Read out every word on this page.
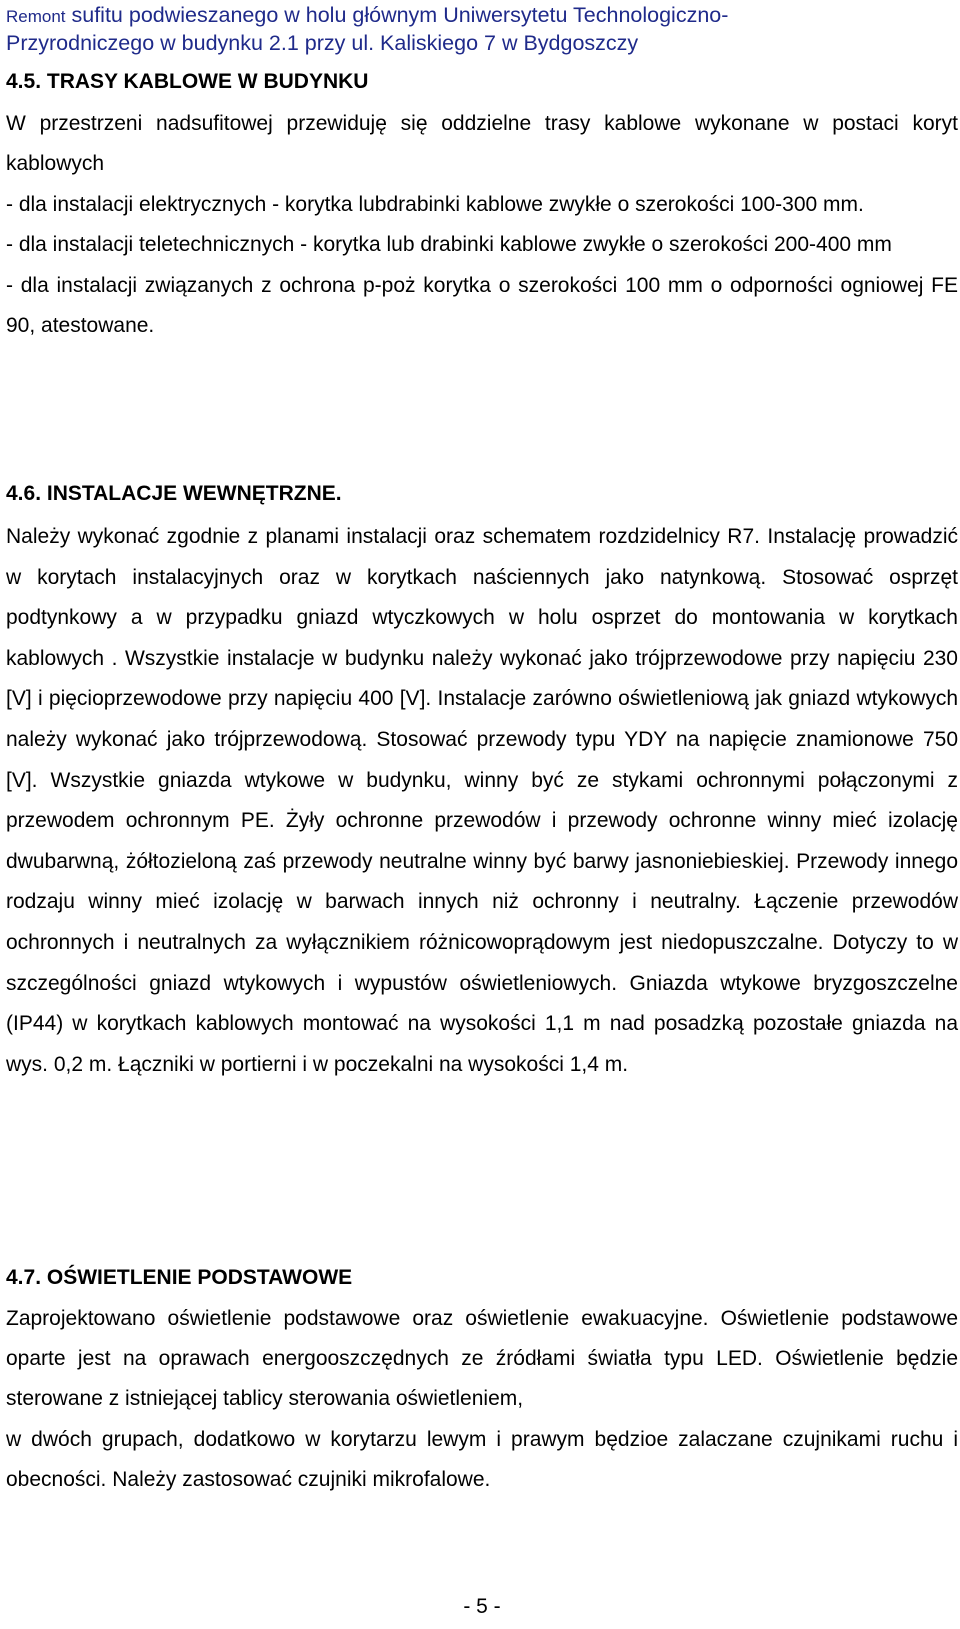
Remont sufitu podwieszanego w holu głównym Uniwersytetu Technologiczno-
Przyrodniczego w budynku 2.1 przy ul. Kaliskiego 7 w Bydgoszczy

4.5. TRASY KABLOWE W BUDYNKU

W przestrzeni nadsufitowej przewiduję się oddzielne trasy kablowe wykonane w postaci koryt kablowych

- dla instalacji elektrycznych - korytka lubdrabinki kablowe zwykłe o szerokości 100-300 mm.

- dla instalacji teletechnicznych - korytka lub drabinki kablowe zwykłe o szerokości 200-400 mm

- dla instalacji związanych z ochrona p-poż korytka o szerokości 100 mm o odporności ogniowej FE 90, atestowane.

4.6. INSTALACJE WEWNĘTRZNE.

Należy wykonać zgodnie z planami instalacji oraz schematem rozdzidelnicy R7. Instalację prowadzić w korytach instalacyjnych oraz w korytkach naściennych jako natynkową. Stosować osprzęt podtynkowy a w przypadku gniazd wtyczkowych w holu osprzet do montowania w korytkach kablowych . Wszystkie instalacje w budynku należy wykonać jako trójprzewodowe przy napięciu 230 [V] i pięcioprzewodowe przy napięciu 400 [V]. Instalacje zarówno oświetleniową jak gniazd wtykowych należy wykonać jako trójprzewodową. Stosować przewody typu YDY na napięcie znamionowe 750 [V]. Wszystkie gniazda wtykowe w budynku, winny być ze stykami ochronnymi połączonymi z przewodem ochronnym PE. Żyły ochronne przewodów i przewody ochronne winny mieć izolację dwubarwną, żółtozieloną zaś przewody neutralne winny być barwy jasnoniebieskiej. Przewody innego rodzaju winny mieć izolację w barwach innych niż ochronny i neutralny. Łączenie przewodów ochronnych i neutralnych za wyłącznikiem różnicowoprądowym jest niedopuszczalne. Dotyczy to w szczególności gniazd wtykowych i wypustów oświetleniowych. Gniazda wtykowe bryzgoszczelne (IP44) w korytkach kablowych montować na wysokości 1,1 m nad posadzką pozostałe gniazda na wys. 0,2 m. Łączniki w portierni i w poczekalni na wysokości 1,4 m.

4.7. OŚWIETLENIE PODSTAWOWE

Zaprojektowano oświetlenie podstawowe oraz oświetlenie ewakuacyjne. Oświetlenie podstawowe oparte jest na oprawach energooszczędnych ze źródłami światła typu LED. Oświetlenie będzie sterowane z istniejącej tablicy sterowania oświetleniem,

w dwóch grupach, dodatkowo w korytarzu lewym i prawym będzioe zalaczane czujnikami ruchu i obecności. Należy zastosować czujniki mikrofalowe.

- 5 -
